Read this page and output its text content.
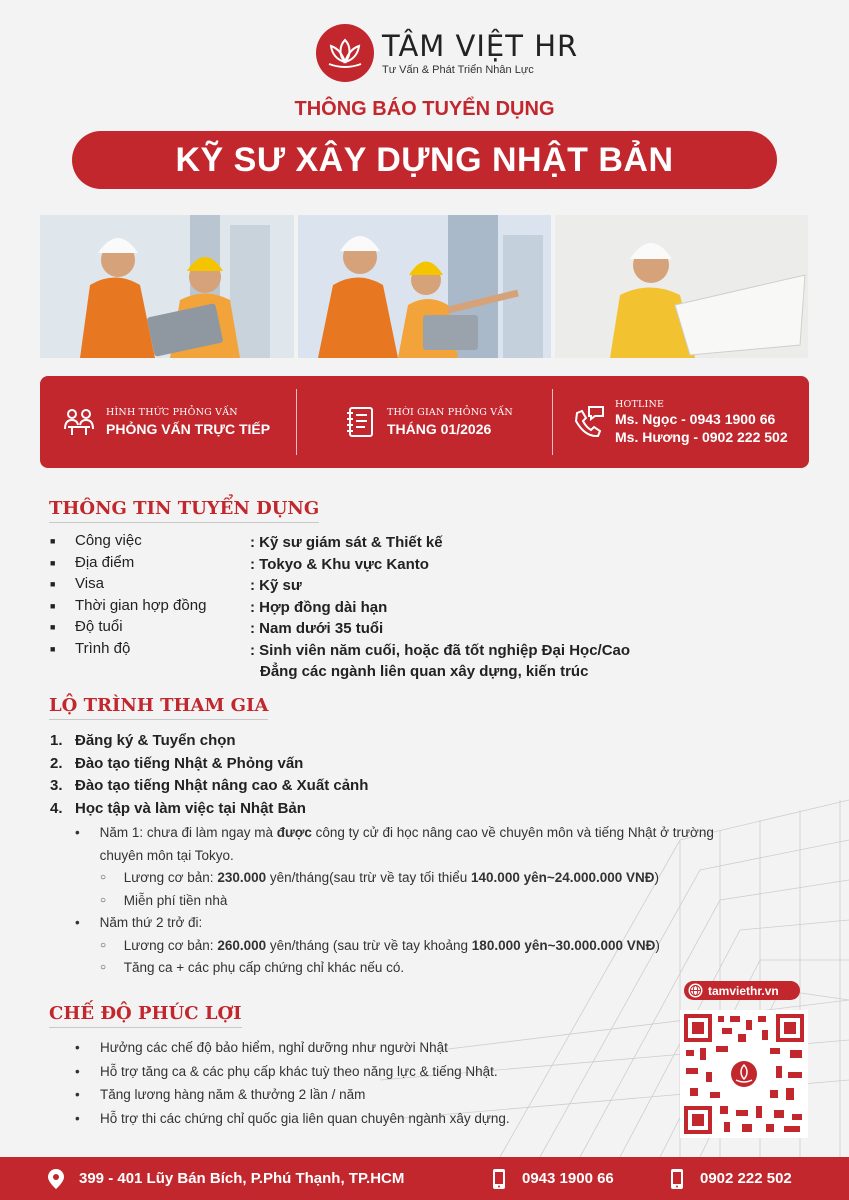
TÂM VIỆT HR
Tư Vấn & Phát Triển Nhân Lực
THÔNG BÁO TUYỂN DỤNG
KỸ SƯ XÂY DỰNG NHẬT BẢN
HÌNH THỨC PHỎNG VẤN
PHỎNG VẤN TRỰC TIẾP
THỜI GIAN PHỎNG VẤN
THÁNG 01/2026
HOTLINE
Ms. Ngọc - 0943 1900 66
Ms. Hương - 0902 222 502
THÔNG TIN TUYỂN DỤNG
■	Công việc	: Kỹ sư giám sát & Thiết kế
■	Địa điểm	: Tokyo & Khu vực Kanto
■	Visa	: Kỹ sư
■	Thời gian hợp đồng	: Hợp đồng dài hạn
■	Độ tuổi	: Nam dưới 35 tuổi
■	Trình độ	: Sinh viên năm cuối, hoặc đã tốt nghiệp Đại Học/Cao
Đẳng các ngành liên quan xây dựng, kiến trúc
LỘ TRÌNH THAM GIA
1. Đăng ký & Tuyển chọn
2. Đào tạo tiếng Nhật & Phỏng vấn
3. Đào tạo tiếng Nhật nâng cao & Xuất cảnh
4. Học tập và làm việc tại Nhật Bản
•	Năm 1: chưa đi làm ngay mà được công ty cử đi học nâng cao về chuyên môn và tiếng Nhật ở trường
chuyên môn tại Tokyo.
○	Lương cơ bản: 230.000 yên/tháng(sau trừ về tay tối thiểu 140.000 yên~24.000.000 VNĐ)
○	Miễn phí tiền nhà
•	Năm thứ 2 trở đi:
○	Lương cơ bản: 260.000 yên/tháng (sau trừ về tay khoảng 180.000 yên~30.000.000 VNĐ)
○	Tăng ca + các phụ cấp chứng chỉ khác nếu có.
CHẾ ĐỘ PHÚC LỢI
•	Hưởng các chế độ bảo hiểm, nghỉ dưỡng như người Nhật
•	Hỗ trợ tăng ca & các phụ cấp khác tuỳ theo năng lực & tiếng Nhật.
•	Tăng lương hàng năm & thưởng 2 lần / năm
•	Hỗ trợ thi các chứng chỉ quốc gia liên quan chuyên ngành xây dựng.
tamviethr.vn
399 - 401 Lũy Bán Bích, P.Phú Thạnh, TP.HCM	0943 1900 66	0902 222 502
